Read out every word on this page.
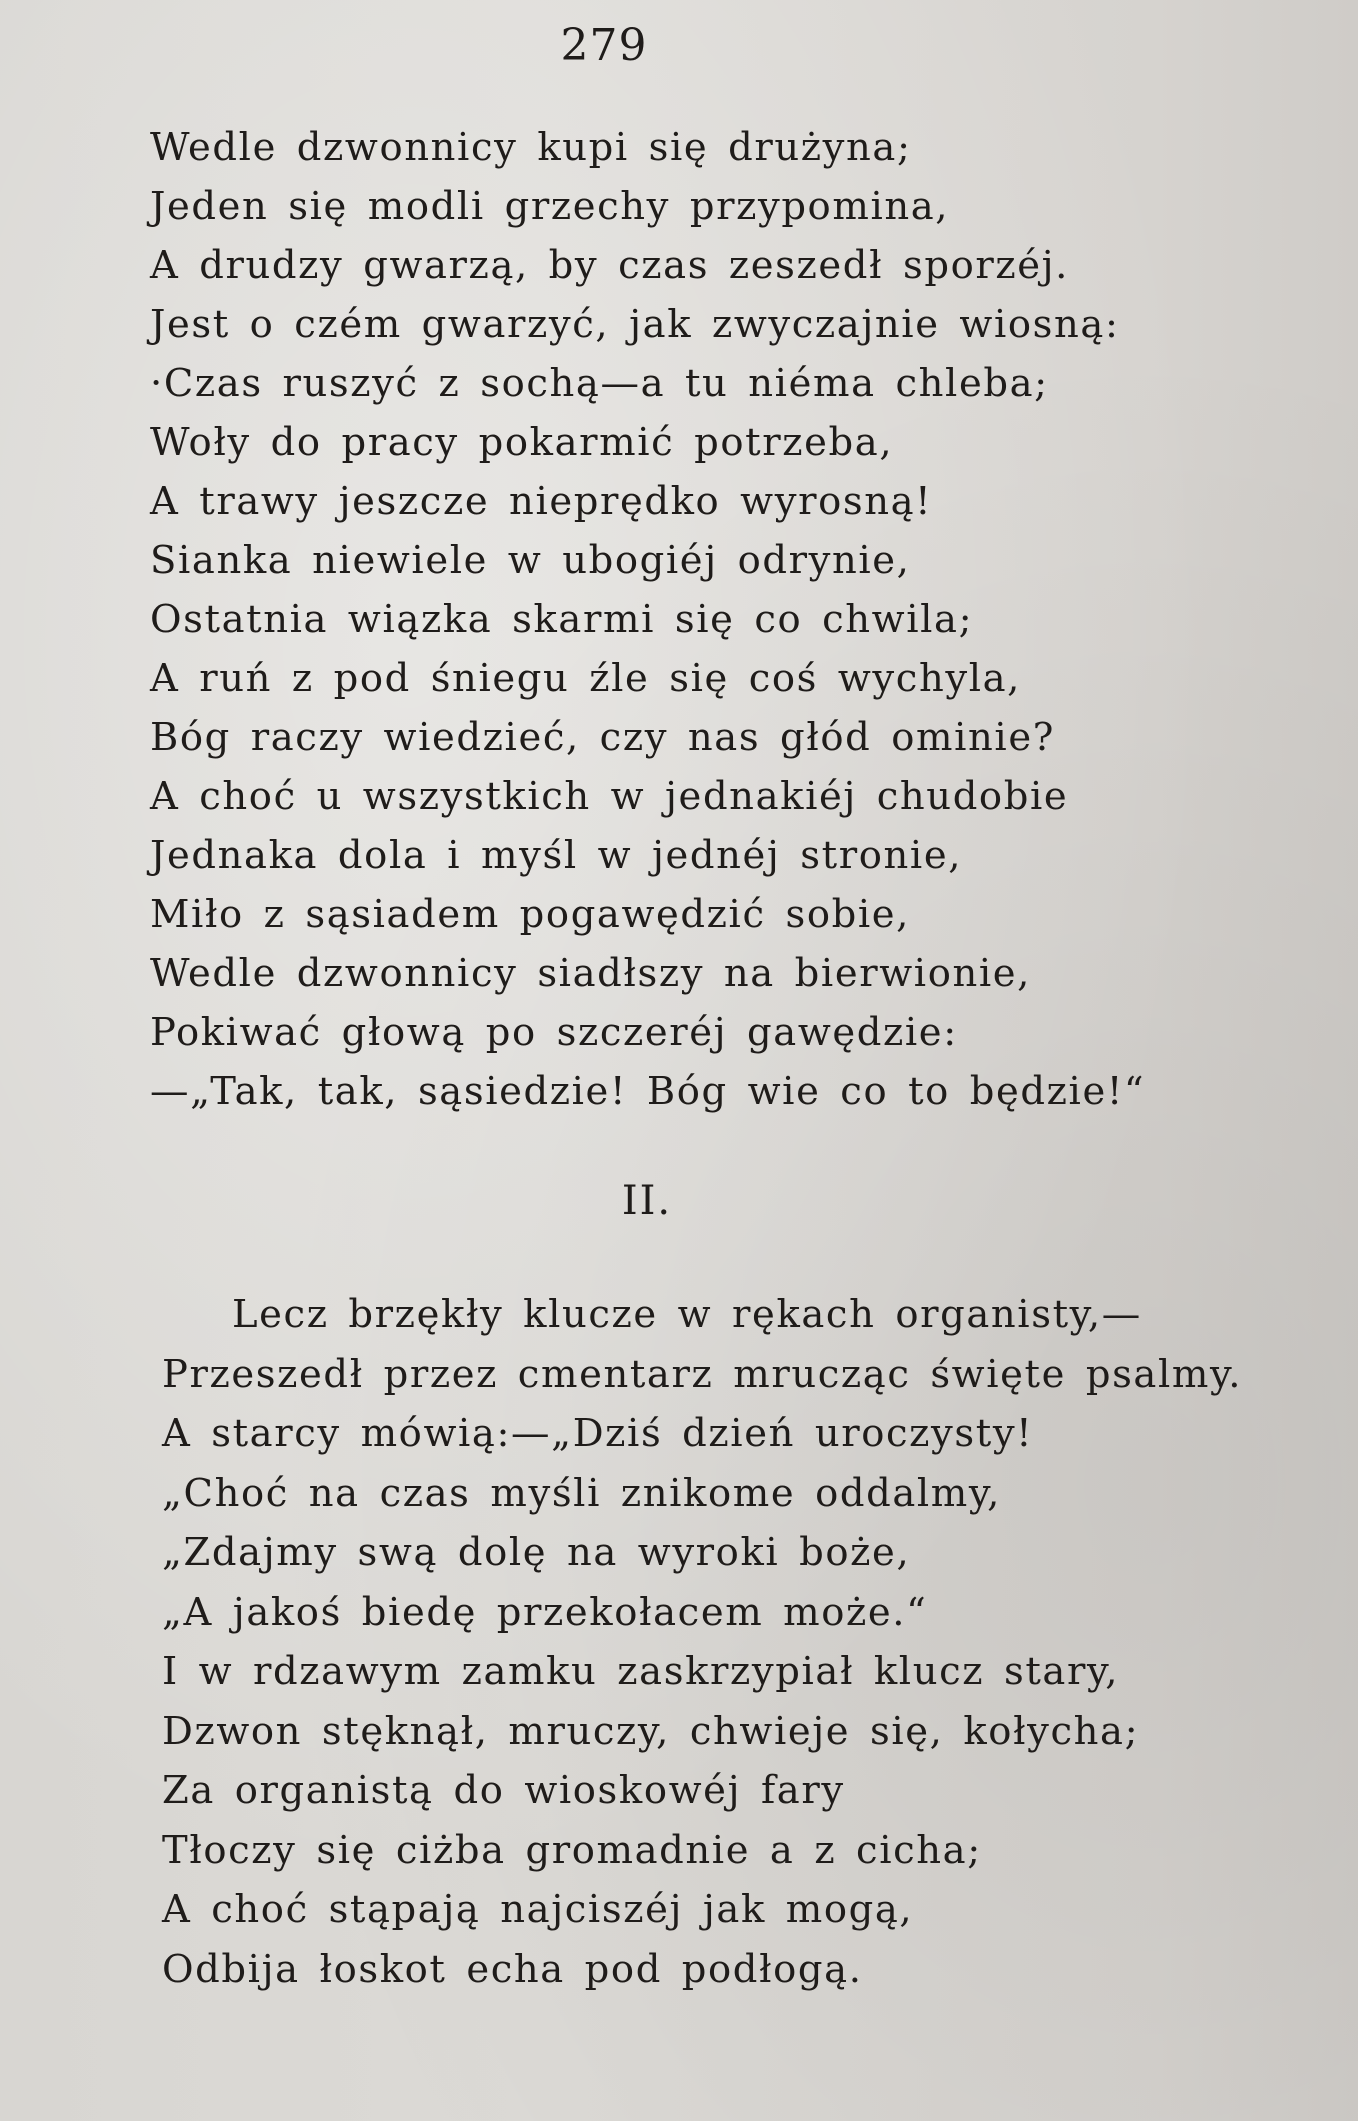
279
Wedle dzwonnicy kupi się drużyna;
Jeden się modli grzechy przypomina,
A drudzy gwarzą, by czas zeszedł sporzéj.
Jest o czém gwarzyć, jak zwyczajnie wiosną:
·Czas ruszyć z sochą—a tu niéma chleba;
Woły do pracy pokarmić potrzeba,
A trawy jeszcze nieprędko wyrosną!
Sianka niewiele w ubogiéj odrynie,
Ostatnia wiązka skarmi się co chwila;
A ruń z pod śniegu źle się coś wychyla,
Bóg raczy wiedzieć, czy nas głód ominie?
A choć u wszystkich w jednakiéj chudobie
Jednaka dola i myśl w jednéj stronie,
Miło z sąsiadem pogawędzić sobie,
Wedle dzwonnicy siadłszy na bierwionie,
Pokiwać głową po szczeréj gawędzie:
—„Tak, tak, sąsiedzie! Bóg wie co to będzie!“
II.
Lecz brzękły klucze w rękach organisty,—
Przeszedł przez cmentarz mrucząc święte psalmy.
A starcy mówią:—„Dziś dzień uroczysty!
„Choć na czas myśli znikome oddalmy,
„Zdajmy swą dolę na wyroki boże,
„A jakoś biedę przekołacem może.“
I w rdzawym zamku zaskrzypiał klucz stary,
Dzwon stęknął, mruczy, chwieje się, kołycha;
Za organistą do wioskowéj fary
Tłoczy się ciżba gromadnie a z cicha;
A choć stąpają najciszéj jak mogą,
Odbija łoskot echa pod podłogą.
